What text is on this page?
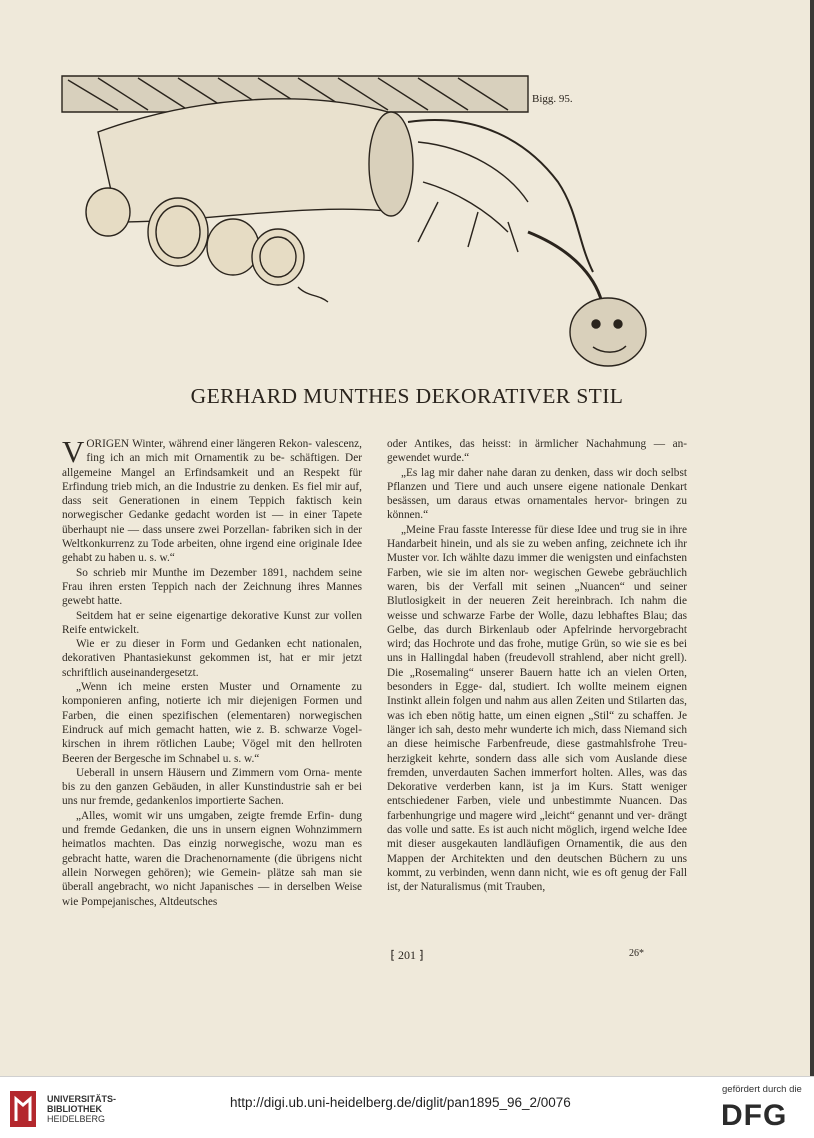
Bigg. 95.
GERHARD MUNTHES DEKORATIVER STIL

VORIGEN Winter, während einer längeren Rekon- valescenz, fing ich an mich mit Ornamentik zu be- schäftigen. Der allgemeine Mangel an Erfindsamkeit und an Respekt für Erfindung trieb mich, an die Industrie zu denken. Es fiel mir auf, dass seit Generationen in einem Teppich faktisch kein norwegischer Gedanke gedacht worden ist — in einer Tapete überhaupt nie — dass unsere zwei Porzellan- fabriken sich in der Weltkonkurrenz zu Tode arbeiten, ohne irgend eine originale Idee gehabt zu haben u. s. w.“

So schrieb mir Munthe im Dezember 1891, nachdem seine Frau ihren ersten Teppich nach der Zeichnung ihres Mannes gewebt hatte.

Seitdem hat er seine eigenartige dekorative Kunst zur vollen Reife entwickelt.

Wie er zu dieser in Form und Gedanken echt nationalen, dekorativen Phantasiekunst gekommen ist, hat er mir jetzt schriftlich auseinandergesetzt.

„Wenn ich meine ersten Muster und Ornamente zu komponieren anfing, notierte ich mir diejenigen Formen und Farben, die einen spezifischen (elementaren) norwegischen Eindruck auf mich gemacht hatten, wie z. B. schwarze Vogel- kirschen in ihrem rötlichen Laube; Vögel mit den hellroten Beeren der Bergesche im Schnabel u. s. w.“

Ueberall in unsern Häusern und Zimmern vom Orna- mente bis zu den ganzen Gebäuden, in aller Kunstindustrie sah er bei uns nur fremde, gedankenlos importierte Sachen.

„Alles, womit wir uns umgaben, zeigte fremde Erfin- dung und fremde Gedanken, die uns in unsern eignen Wohnzimmern heimatlos machten. Das einzig norwegische, wozu man es gebracht hatte, waren die Drachenornamente (die übrigens nicht allein Norwegen gehören); wie Gemein- plätze sah man sie überall angebracht, wo nicht Japanisches — in derselben Weise wie Pompejanisches, Altdeutsches

oder Antikes, das heisst: in ärmlicher Nachahmung — an- gewendet wurde.“

„Es lag mir daher nahe daran zu denken, dass wir doch selbst Pflanzen und Tiere und auch unsere eigene nationale Denkart besässen, um daraus etwas ornamentales hervor- bringen zu können.“

„Meine Frau fasste Interesse für diese Idee und trug sie in ihre Handarbeit hinein, und als sie zu weben anfing, zeichnete ich ihr Muster vor. Ich wählte dazu immer die wenigsten und einfachsten Farben, wie sie im alten nor- wegischen Gewebe gebräuchlich waren, bis der Verfall mit seinen „Nuancen“ und seiner Blutlosigkeit in der neueren Zeit hereinbrach. Ich nahm die weisse und schwarze Farbe der Wolle, dazu lebhaftes Blau; das Gelbe, das durch Birkenlaub oder Apfelrinde hervorgebracht wird; das Hochrote und das frohe, mutige Grün, so wie sie es bei uns in Hallingdal haben (freudevoll strahlend, aber nicht grell). Die „Rosemaling“ unserer Bauern hatte ich an vielen Orten, besonders in Egge- dal, studiert. Ich wollte meinem eignen Instinkt allein folgen und nahm aus allen Zeiten und Stilarten das, was ich eben nötig hatte, um einen eignen „Stil“ zu schaffen. Je länger ich sah, desto mehr wunderte ich mich, dass Niemand sich an diese heimische Farbenfreude, diese gastmahlsfrohe Treu- herzigkeit kehrte, sondern dass alle sich vom Auslande diese fremden, unverdauten Sachen immerfort holten. Alles, was das Dekorative verderben kann, ist ja im Kurs. Statt weniger entschiedener Farben, viele und unbestimmte Nuancen. Das farbenhungrige und magere wird „leicht“ genannt und ver- drängt das volle und satte. Es ist auch nicht möglich, irgend welche Idee mit dieser ausgekauten landläufigen Ornamentik, die aus den Mappen der Architekten und den deutschen Büchern zu uns kommt, zu verbinden, wenn dann nicht, wie es oft genug der Fall ist, der Naturalismus (mit Trauben,

⁅ 201 ⁆	26*
UNIVERSITÄTS-
BIBLIOTHEK
HEIDELBERG
http://digi.ub.uni-heidelberg.de/diglit/pan1895_96_2/0076
gefördert durch die
DFG
